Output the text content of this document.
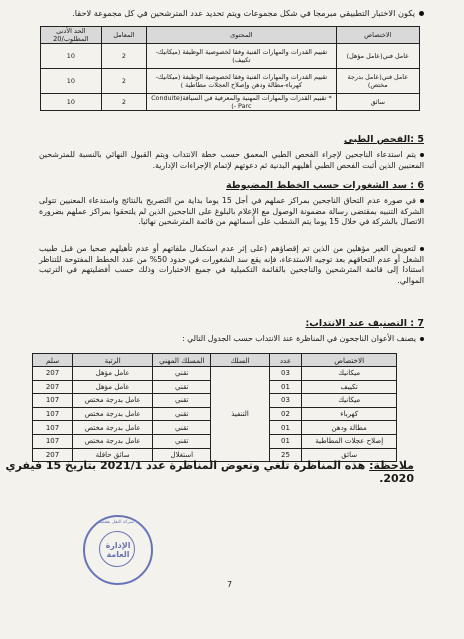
يكون الاختبار التطبيقي مبرمجا في شكل مجموعات ويتم تحديد عدد المترشحين في كل مجموعة لاحقا.
الاختصاص	المحتوى	المعامل	الحد الأدنى المطلوب/20
عامل فني(عامل مؤهل)	تقييم القدرات والمهارات الفنية وفقا لخصوصية الوظيفة (ميكانيك-تكييف)	2	10
عامل فني(عامل بدرجة مختص)	تقييم القدرات والمهارات الفنية وفقا لخصوصية الوظيفة (ميكانيك-كهرباء-مطالة ودهن وإصلاح العجلات مطاطية )	2	10
سائق	* تقييم القدرات والمهارات المهنية والمعرفية في السياقة(Conduite - Parc)	2	10
5 :الفحص الطبي
يتم استدعاء الناجحين لإجراء الفحص الطبي المعمق حسب خطة الانتداب ويتم القبول النهائي بالنسبة للمترشحين المعنيين الذين أثبت الفحص الطبي أهليهم البدنية ثم دعوتهم لإتمام الإجراءات الإدارية.
6 : سد الشغورات حسب الخطط المضبوطة
في صورة عدم التحاق الناجحين بمراكز عملهم في أجل 15 يوما بداية من التصريح بالنتائج واستدعاء المعنيين تتولى الشركة التنبيه بمقتضى رسالة مضمونة الوصول مع الإعلام بالبلوغ على الناجحين الذين لم يلتحقوا بمراكز عملهم بضرورة الاتصال بالشركة في خلال 15 يوما يتم الشطب على أسمائهم من قائمة المترشحين نهائيا.
لتعويض الغير مؤهلين من الذين تم إقصاؤهم (على إثر عدم استكمال ملفاتهم أو عدم تأهيلهم صحيا من قبل طبيب الشغل أو عدم التحاقهم بعد توجيه الاستدعاء، فإنه يقع سد الشغورات في حدود 50% من عدد الخطط المفتوحة للتناظر استنادا إلى قائمة المترشحين والناجحين بالقائمة التكميلية في جميع الاختبارات وذلك حسب أفضليتهم في الترتيب الموالي.
7 : التصنيف عند الانتداب:
يصنف الأعوان الناجحون في المناظرة عند الانتداب حسب الجدول التالي :
الاختصاص	عدد	السلك	المسلك المهني	الرتبة	سلم
ميكانيك	03	التنفيذ	تقني	عامل مؤهل	207
تكييف	01		تقني	عامل مؤهل	207
ميكانيك	03		تقني	عامل بدرجة مختص	107
كهرباء	02		تقني	عامل بدرجة مختص	107
مطالة ودهن	01		تقني	عامل بدرجة مختص	107
إصلاح عجلات المطاطية	01		تقني	عامل بدرجة مختص	107
سائق	25		استغلال	سائق حافلة	207
ملاحظة: هذه المناظرة تلغي وتعوض المناظرة عدد 2021/1 بتاريخ 15 فيفري 2020.
شركة النقل بقفصة
الإدارة العامة
7
